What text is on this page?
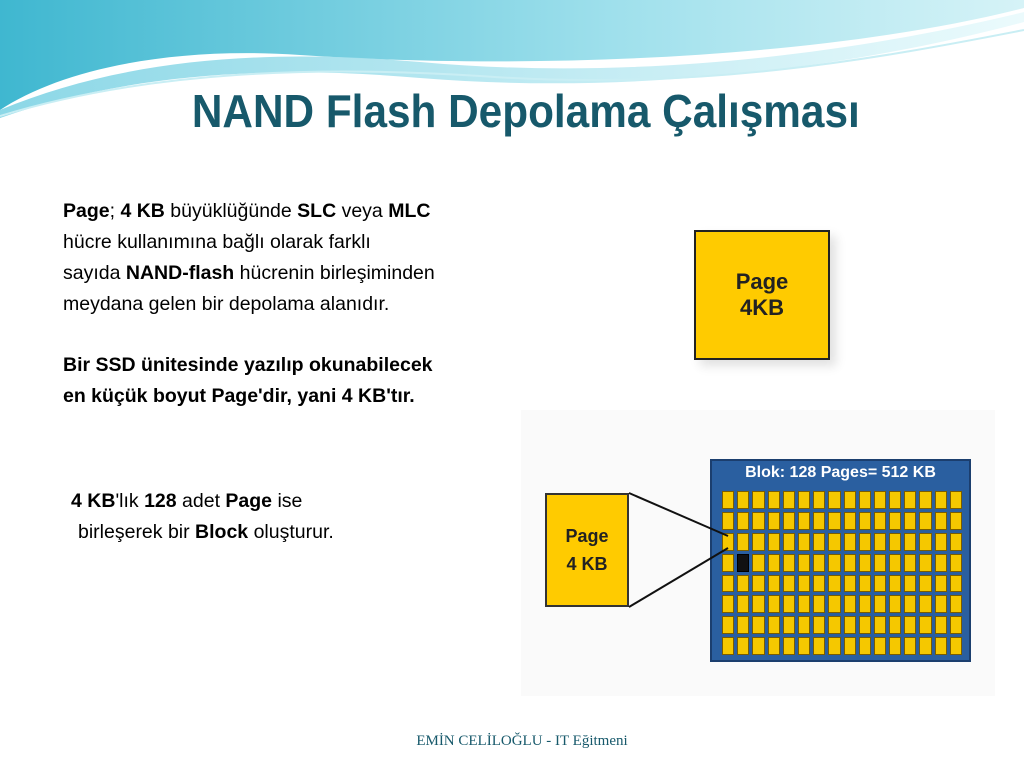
NAND Flash Depolama Çalışması

Page; 4 KB büyüklüğünde SLC veya MLC
hücre kullanımına bağlı olarak farklı
sayıda NAND-flash hücrenin birleşiminden
meydana gelen bir depolama alanıdır.

Bir SSD ünitesinde yazılıp okunabilecek
en küçük boyut Page'dir, yani 4 KB'tır.

4 KB'lık 128 adet Page ise
birleşerek bir Block oluşturur.

Page
4KB
Page
4 KB
Blok: 128 Pages= 512 KB
EMİN CELİLOĞLU - IT Eğitmeni
